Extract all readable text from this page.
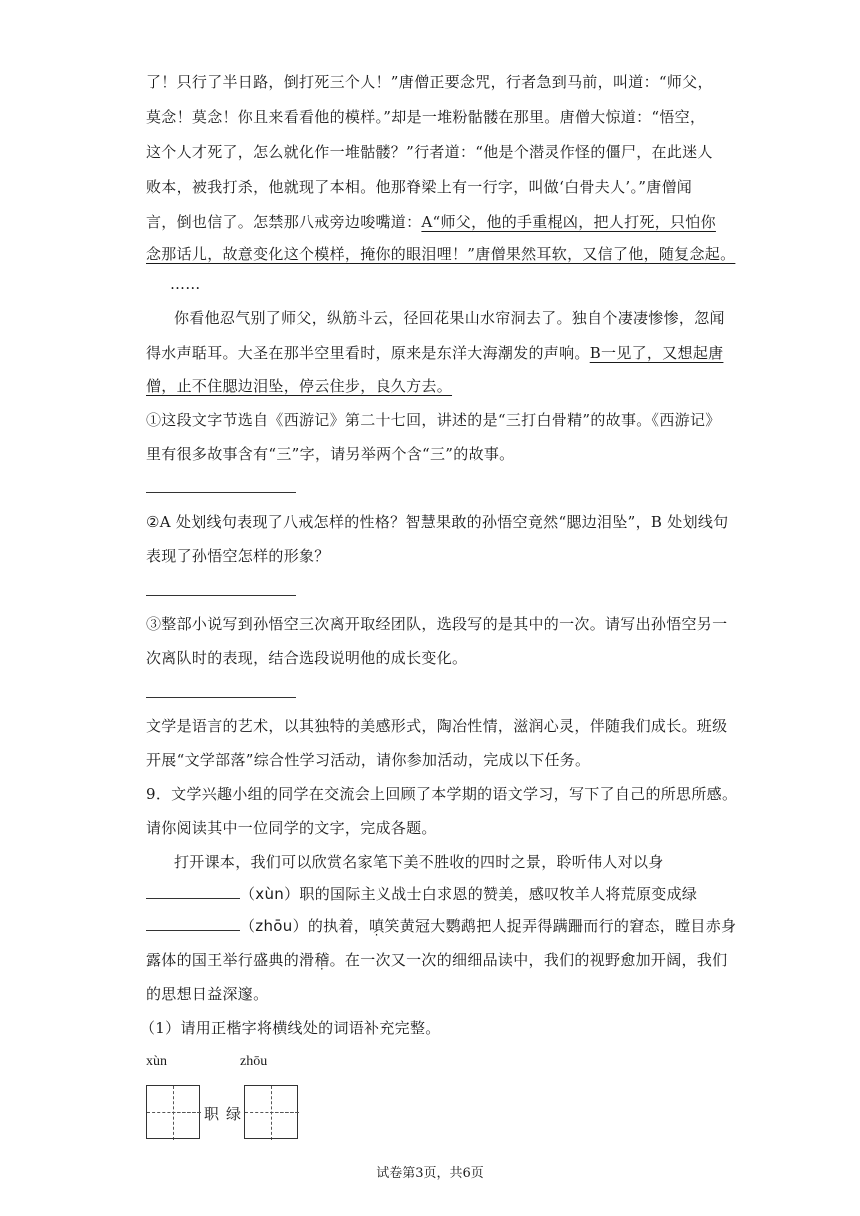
了！只行了半日路，倒打死三个人！”唐僧正要念咒，行者急到马前，叫道：“师父，
莫念！莫念！你且来看看他的模样。”却是一堆粉骷髅在那里。唐僧大惊道：“悟空，
这个人才死了，怎么就化作一堆骷髅？”行者道：“他是个潜灵作怪的僵尸，在此迷人
败本，被我打杀，他就现了本相。他那脊梁上有一行字，叫做‘白骨夫人’。”唐僧闻
言，倒也信了。怎禁那八戒旁边唆嘴道：A“师父，他的手重棍凶，把人打死，只怕你
念那话儿，故意变化这个模样，掩你的眼泪哩！”唐僧果然耳软，又信了他，随复念起。
……
你看他忍气别了师父，纵筋斗云，径回花果山水帘洞去了。独自个凄凄惨惨，忽闻
得水声聒耳。大圣在那半空里看时，原来是东洋大海潮发的声响。B一见了，又想起唐
僧，止不住腮边泪坠，停云住步，良久方去。
①这段文字节选自《西游记》第二十七回，讲述的是“三打白骨精”的故事。《西游记》
里有很多故事含有“三”字，请另举两个含“三”的故事。
②A 处划线句表现了八戒怎样的性格？智慧果敢的孙悟空竟然“腮边泪坠”，B 处划线句
表现了孙悟空怎样的形象？
③整部小说写到孙悟空三次离开取经团队，选段写的是其中的一次。请写出孙悟空另一
次离队时的表现，结合选段说明他的成长变化。
文学是语言的艺术，以其独特的美感形式，陶冶性情，滋润心灵，伴随我们成长。班级
开展“文学部落”综合性学习活动，请你参加活动，完成以下任务。
9．文学兴趣小组的同学在交流会上回顾了本学期的语文学习，写下了自己的所思所感。
请你阅读其中一位同学的文字，完成各题。
打开课本，我们可以欣赏名家笔下美不胜收的四时之景，聆听伟人对以身
（xùn）职的国际主义战士白求恩的赞美，感叹牧羊人将荒原变成绿
（zhōu）的执着，嗔笑黄冠大鹦鹉把人捉弄得蹒跚而行的窘态，瞠目赤身
露体的国王举行盛典的滑稽。在一次又一次的细细品读中，我们的视野愈加开阔，我们
的思想日益深邃。
（1）请用正楷字将横线处的词语补充完整。
xùn	zhōu
职 绿
试卷第3页，共6页
